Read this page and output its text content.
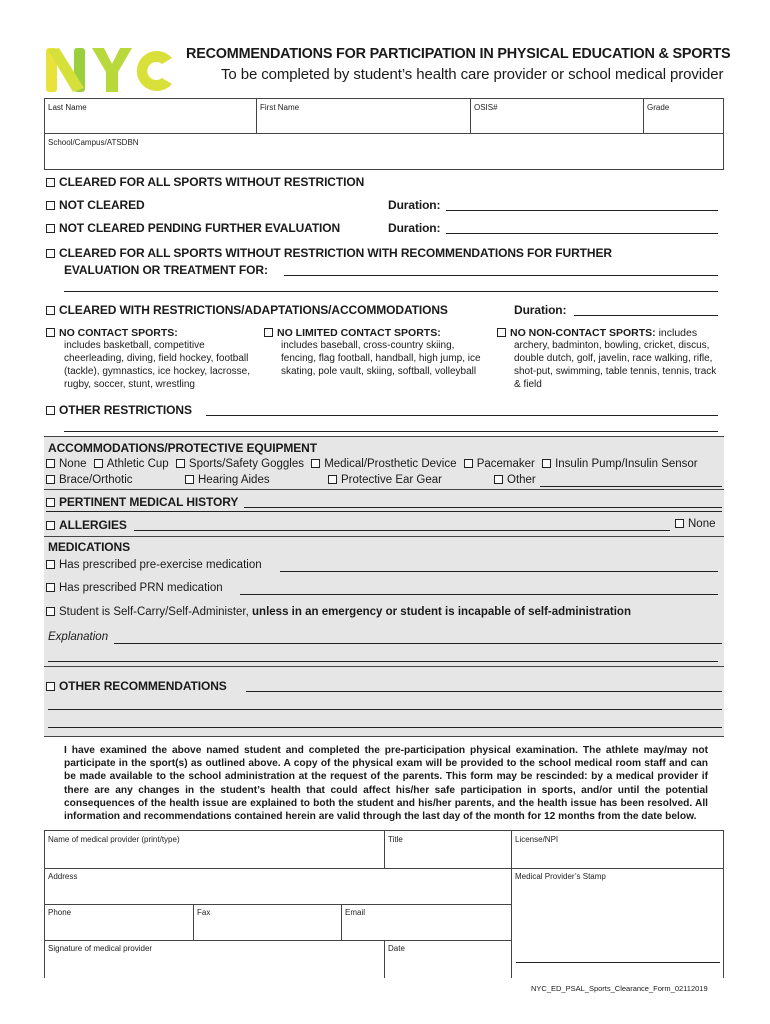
RECOMMENDATIONS FOR PARTICIPATION IN PHYSICAL EDUCATION & SPORTS
To be completed by student’s health care provider or school medical provider
Last Name	First Name	OSIS#	Grade
School/Campus/ATSDBN
CLEARED FOR ALL SPORTS WITHOUT RESTRICTION
NOT CLEARED	Duration:
NOT CLEARED PENDING FURTHER EVALUATION	Duration:
CLEARED FOR ALL SPORTS WITHOUT RESTRICTION WITH RECOMMENDATIONS FOR FURTHER
EVALUATION OR TREATMENT FOR:
CLEARED WITH RESTRICTIONS/ADAPTATIONS/ACCOMMODATIONS	Duration:
NO CONTACT SPORTS:
includes basketball, competitive cheerleading, diving, field hockey, football (tackle), gymnastics, ice hockey, lacrosse, rugby, soccer, stunt, wrestling
NO LIMITED CONTACT SPORTS:
includes baseball, cross-country skiing, fencing, flag football, handball, high jump, ice skating, pole vault, skiing, softball, volleyball
NO NON-CONTACT SPORTS: includes
archery, badminton, bowling, cricket, discus, double dutch, golf, javelin, race walking, rifle, shot-put, swimming, table tennis, tennis, track & field
OTHER RESTRICTIONS
ACCOMMODATIONS/PROTECTIVE EQUIPMENT
None Athletic Cup Sports/Safety Goggles Medical/Prosthetic Device Pacemaker Insulin Pump/Insulin Sensor
Brace/Orthotic	Hearing Aides	Protective Ear Gear	Other
PERTINENT MEDICAL HISTORY
ALLERGIES	None
MEDICATIONS
Has prescribed pre-exercise medication
Has prescribed PRN medication
Student is Self-Carry/Self-Administer, unless in an emergency or student is incapable of self-administration
Explanation
OTHER RECOMMENDATIONS
I have examined the above named student and completed the pre-participation physical examination. The athlete may/may not participate in the sport(s) as outlined above. A copy of the physical exam will be provided to the school medical room staff and can be made available to the school administration at the request of the parents. This form may be rescinded: by a medical provider if there are any changes in the student’s health that could affect his/her safe participation in sports, and/or until the potential consequences of the health issue are explained to both the student and his/her parents, and the health issue has been resolved. All information and recommendations contained herein are valid through the last day of the month for 12 months from the date below.
Name of medical provider (print/type)	Title	License/NPI
Address	Medical Provider’s Stamp
Phone	Fax	Email
Signature of medical provider	Date
NYC_ED_PSAL_Sports_Clearance_Form_02112019
